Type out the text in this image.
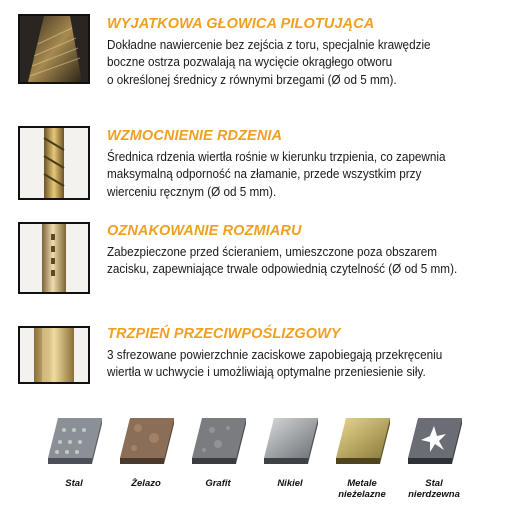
WYJATKOWA GŁOWICA PILOTUJĄCA
Dokładne nawiercenie bez zejścia z toru, specjalnie krawędzie
boczne ostrza pozwalają na wycięcie okrągłego otworu
o określonej średnicy z równymi brzegami (Ø od 5 mm).
WZMOCNIENIE RDZENIA
Średnica rdzenia wiertła rośnie w kierunku trzpienia, co zapewnia
maksymalną odporność na złamanie, przede wszystkim przy
wierceniu ręcznym (Ø od 5 mm).
OZNAKOWANIE ROZMIARU
Zabezpieczone przed ścieraniem, umieszczone poza obszarem
zacisku, zapewniające trwale odpowiednią czytelność (Ø od 5 mm).
TRZPIEŃ PRZECIWPOŚLIZGOWY
3 sfrezowane powierzchnie zaciskowe zapobiegają przekręceniu
wiertła w uchwycie i umożliwiają optymalne przeniesienie siły.
Stal	Żelazo	Grafit	Nikiel	Metale
nieżelazne
Stal
nierdzewna
